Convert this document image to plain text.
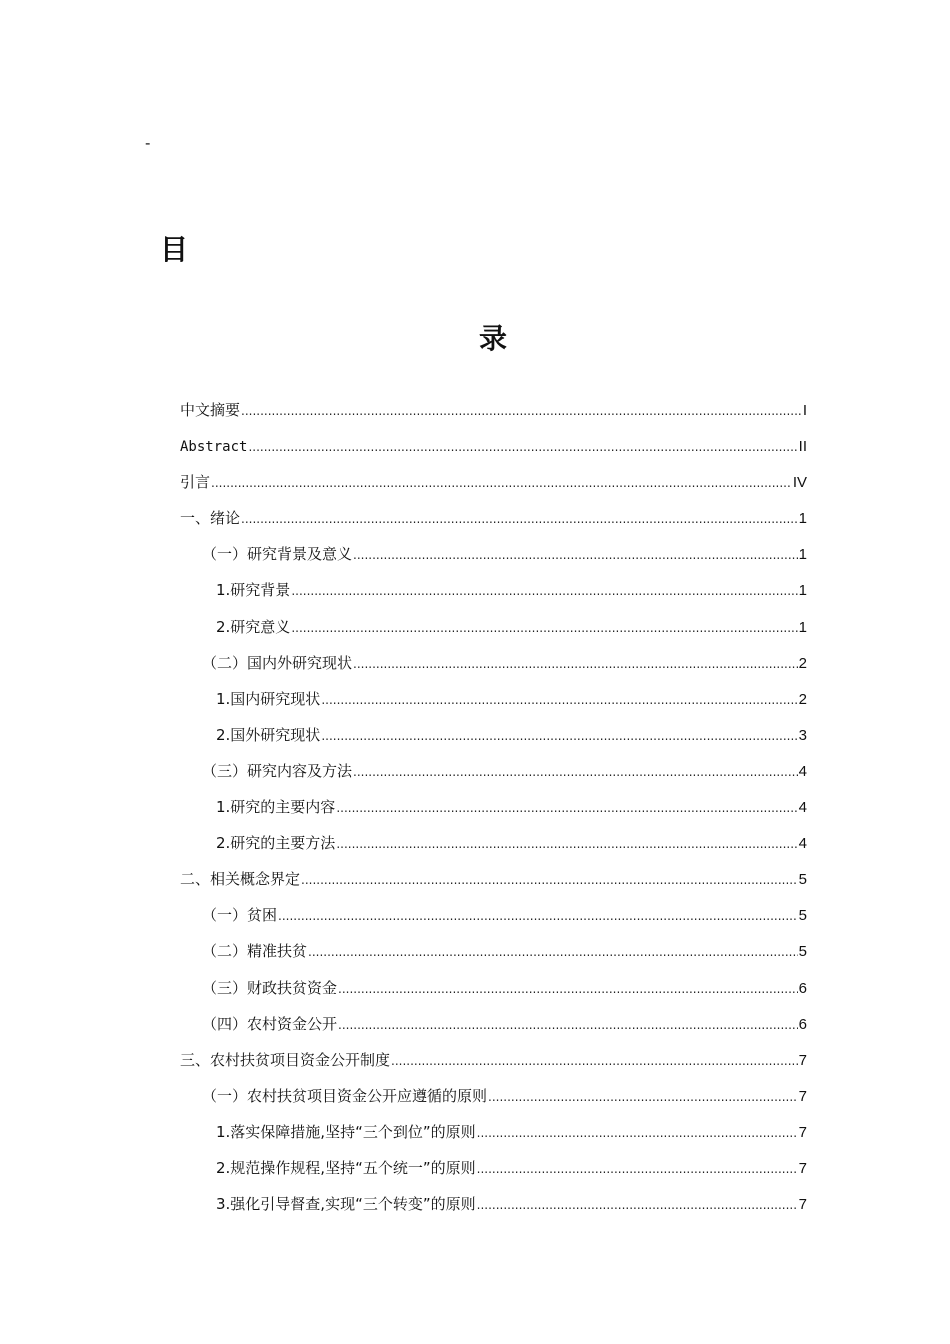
-
目
录
中文摘要 .....	I
Abstract .....	II
引言 .....	IV
一、绪论 .....	1
（一）研究背景及意义 .....	1
1.研究背景 .....	1
2.研究意义 .....	1
（二）国内外研究现状 .....	2
1.国内研究现状 .....	2
2.国外研究现状 .....	3
（三）研究内容及方法 .....	4
1.研究的主要内容 .....	4
2.研究的主要方法 .....	4
二、相关概念界定 .....	5
（一）贫困 .....	5
（二）精准扶贫 .....	5
（三）财政扶贫资金 .....	6
（四）农村资金公开 .....	6
三、农村扶贫项目资金公开制度 .....	7
（一）农村扶贫项目资金公开应遵循的原则 .....	7
1.落实保障措施,坚持“三个到位”的原则 .....	7
2.规范操作规程,坚持“五个统一”的原则 .....	7
3.强化引导督查,实现“三个转变”的原则 .....	7
